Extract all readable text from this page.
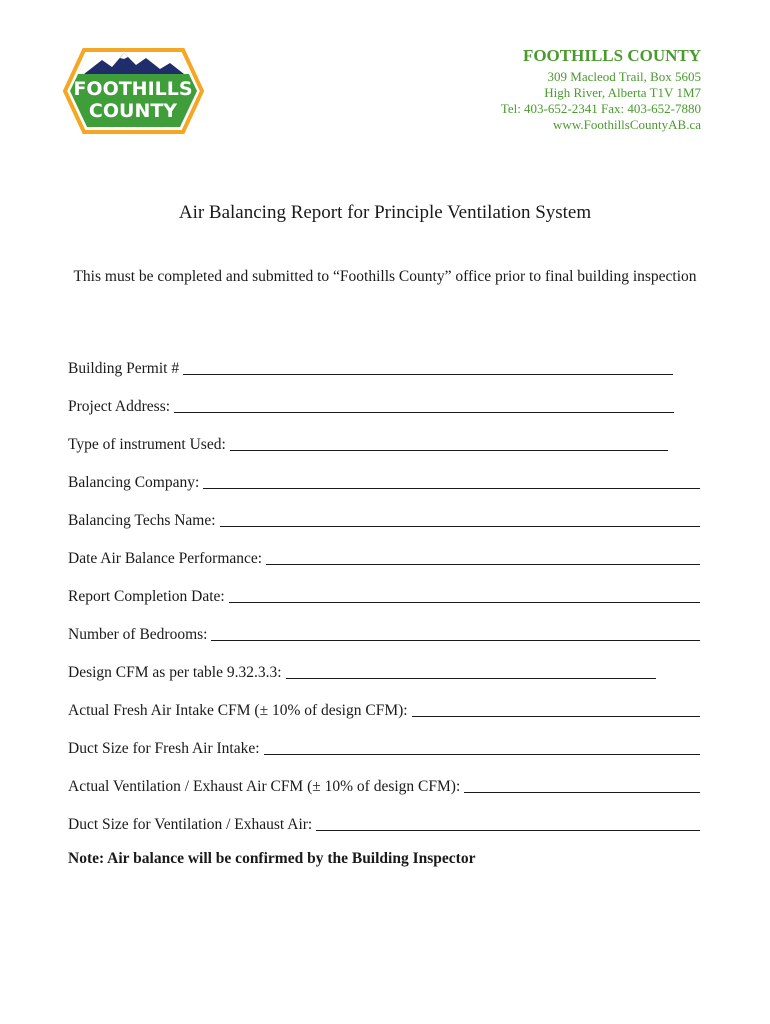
FOOTHILLS
COUNTY
FOOTHILLS COUNTY
309 Macleod Trail, Box 5605
High River, Alberta T1V 1M7
Tel: 403-652-2341 Fax: 403-652-7880
www.FoothillsCountyAB.ca
Air Balancing Report for Principle Ventilation System
This must be completed and submitted to “Foothills County” office prior to final building inspection
Building Permit #
Project Address:
Type of instrument Used:
Balancing Company:
Balancing Techs Name:
Date Air Balance Performance:
Report Completion Date:
Number of Bedrooms:
Design CFM as per table 9.32.3.3:
Actual Fresh Air Intake CFM (± 10% of design CFM):
Duct Size for Fresh Air Intake:
Actual Ventilation / Exhaust Air CFM (± 10% of design CFM):
Duct Size for Ventilation / Exhaust Air:
Note: Air balance will be confirmed by the Building Inspector
